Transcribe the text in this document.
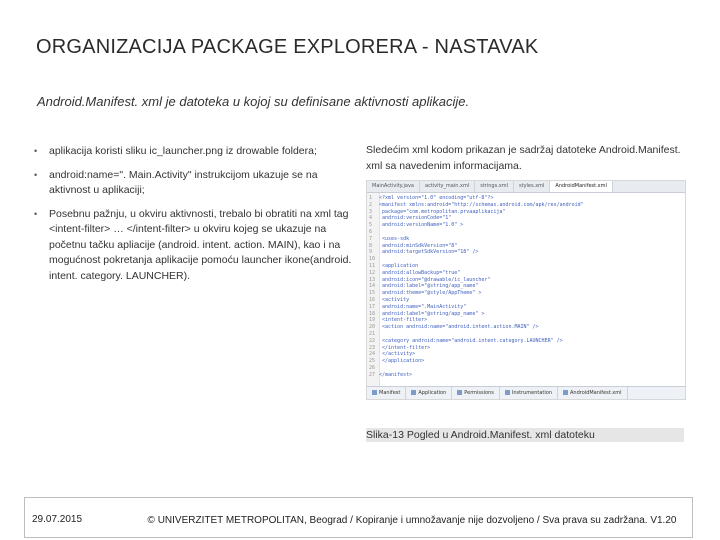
ORGANIZACIJA PACKAGE EXPLORERA - NASTAVAK
Android.Manifest. xml je datoteka u kojoj su definisane aktivnosti aplikacije.
• aplikacija koristi sliku ic_launcher.png iz drowable foldera;
• android:name=". Main.Activity" instrukcijom ukazuje se na aktivnost u aplikaciji;
• Posebnu pažnju, u okviru aktivnosti, trebalo bi obratiti na xml tag <intent-filter> … </intent-filter> u okviru kojeg se ukazuje na početnu tačku apliacije (android. intent. action. MAIN), kao i na mogućnost pokretanja aplikacije pomoću launcher ikone(android. intent. category. LAUNCHER).
Sledećim xml kodom prikazan je sadržaj datoteke Android.Manifest. xml sa navedenim informacijama.
MainActivity.java	activity_main.xml	strings.xml	styles.xml	AndroidManifest.xml
1 <?xml version="1.0" encoding="utf-8"?>
2 <manifest xmlns:android="http://schemas.android.com/apk/res/android"
3 package="com.metropolitan.prvaaplikacija"
4 android:versionCode="1"
5 android:versionName="1.0" >
6
7 <uses-sdk
8 android:minSdkVersion="8"
9 android:targetSdkVersion="18" />
10
11 <application
12 android:allowBackup="true"
13 android:icon="@drawable/ic_launcher"
14 android:label="@string/app_name"
15 android:theme="@style/AppTheme" >
16 <activity
17 android:name=".MainActivity"
18 android:label="@string/app_name" >
19 <intent-filter>
20 <action android:name="android.intent.action.MAIN" />
21
22 <category android:name="android.intent.category.LAUNCHER" />
23 </intent-filter>
24 </activity>
25 </application>
26
27 </manifest>
Manifest	Application	Permissions	Instrumentation	AndroidManifest.xml
Slika-13 Pogled u Android.Manifest. xml datoteku
29.07.2015	© UNIVERZITET METROPOLITAN, Beograd / Kopiranje i umnožavanje nije dozvoljeno / Sva prava su zadržana. V1.20
